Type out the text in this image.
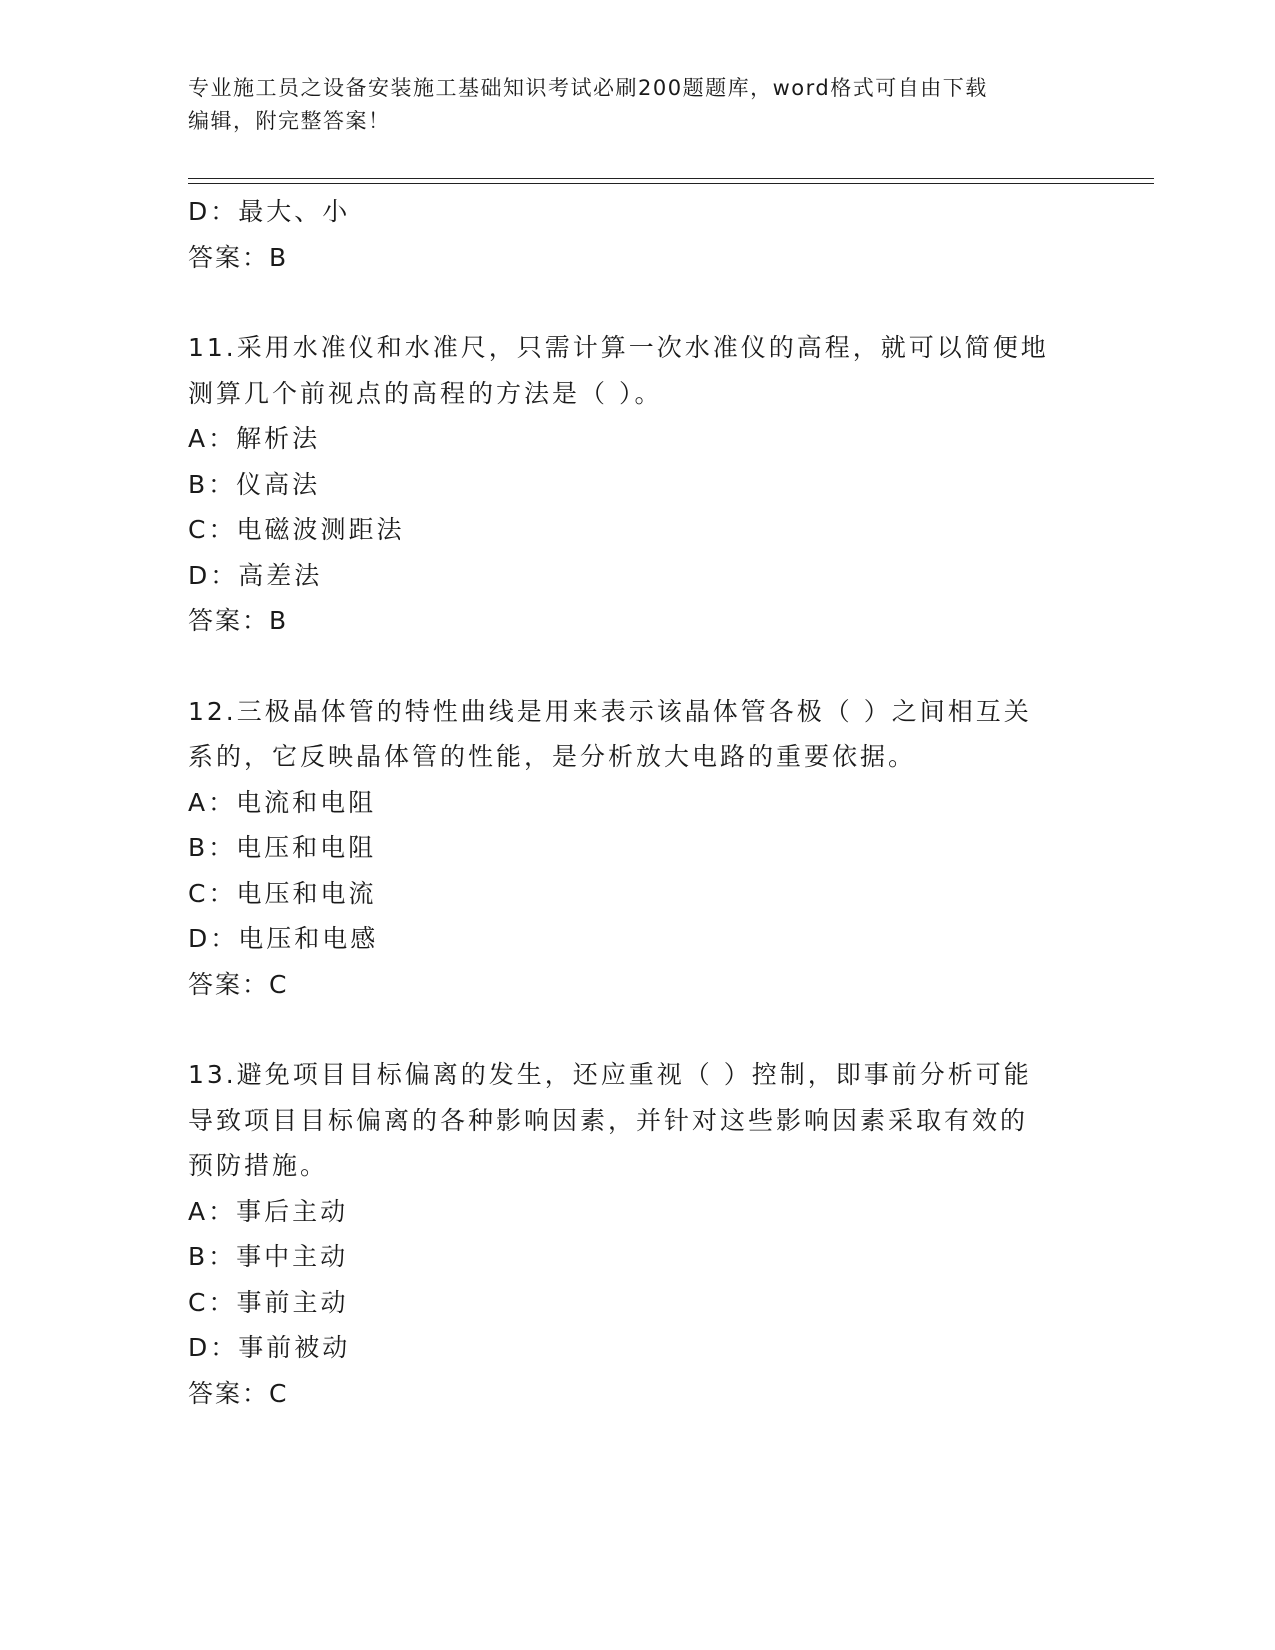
专业施工员之设备安装施工基础知识考试必刷200题题库，word格式可自由下载
编辑，附完整答案！
D：最大、小
答案：B
11.采用水准仪和水准尺，只需计算一次水准仪的高程，就可以简便地
测算几个前视点的高程的方法是（ ）。
A：解析法
B：仪高法
C：电磁波测距法
D：高差法
答案：B
12.三极晶体管的特性曲线是用来表示该晶体管各极（ ）之间相互关
系的，它反映晶体管的性能，是分析放大电路的重要依据。
A：电流和电阻
B：电压和电阻
C：电压和电流
D：电压和电感
答案：C
13.避免项目目标偏离的发生，还应重视（ ）控制，即事前分析可能
导致项目目标偏离的各种影响因素，并针对这些影响因素采取有效的
预防措施。
A：事后主动
B：事中主动
C：事前主动
D：事前被动
答案：C
